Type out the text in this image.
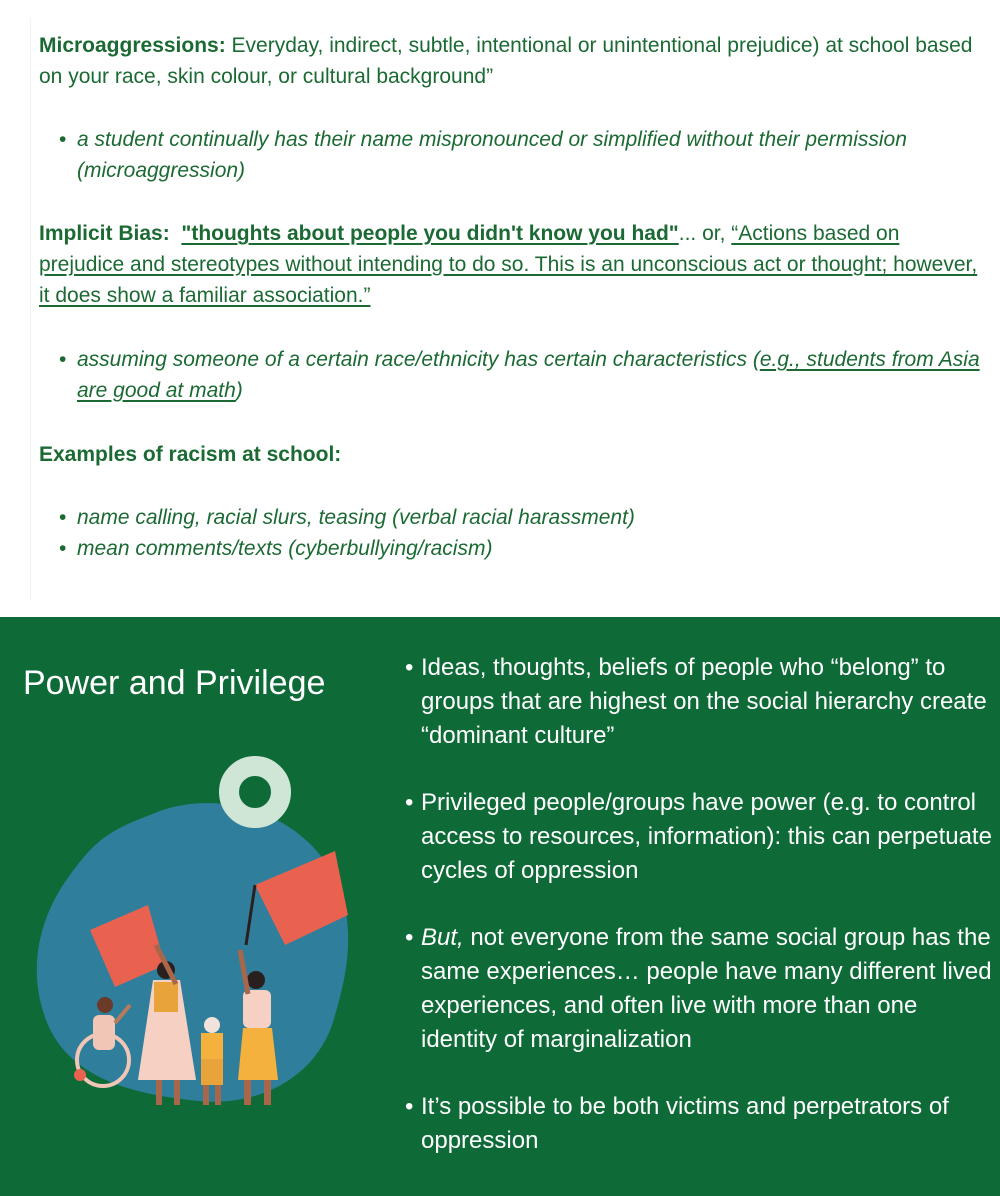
Microaggressions: Everyday, indirect, subtle, intentional or unintentional prejudice) at school based on your race, skin colour, or cultural background”

• a student continually has their name mispronounced or simplified without their permission (microaggression)

Implicit Bias: "thoughts about people you didn't know you had"... or, “Actions based on prejudice and stereotypes without intending to do so. This is an unconscious act or thought; however, it does show a familiar association.”

• assuming someone of a certain race/ethnicity has certain characteristics (e.g., students from Asia are good at math)

Examples of racism at school:

• name calling, racial slurs, teasing (verbal racial harassment)

• mean comments/texts (cyberbullying/racism)

Power and Privilege	• Ideas, thoughts, beliefs of people who “belong” to groups that are highest on the social hierarchy create “dominant culture”
• Privileged people/groups have power (e.g. to control access to resources, information): this can perpetuate cycles of oppression
• But, not everyone from the same social group has the same experiences… people have many different lived experiences, and often live with more than one identity of marginalization
• It’s possible to be both victims and perpetrators of oppression
